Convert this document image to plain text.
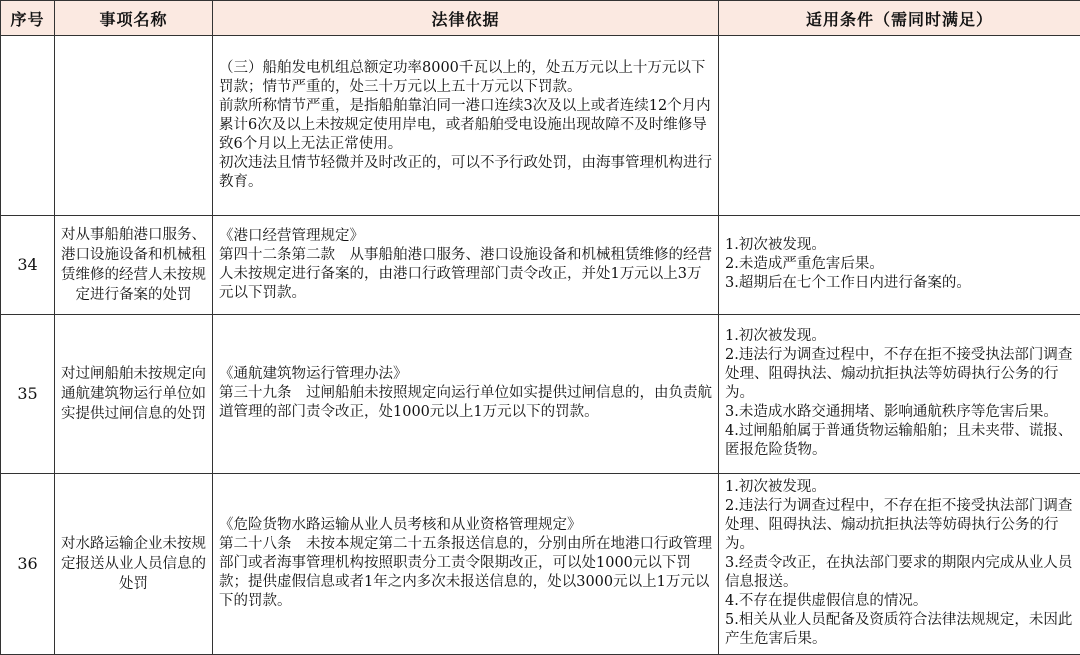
序号	事项名称	法律依据	适用条件（需同时满足）

		（三）船舶发电机组总额定功率8000千瓦以上的，处五万元以上十万元以下罚款；情节严重的，处三十万元以上五十万元以下罚款。
前款所称情节严重，是指船舶靠泊同一港口连续3次及以上或者连续12个月内累计6次及以上未按规定使用岸电，或者船舶受电设施出现故障不及时维修导致6个月以上无法正常使用。
初次违法且情节轻微并及时改正的，可以不予行政处罚，由海事管理机构进行教育。	

34	对从事船舶港口服务、港口设施设备和机械租赁维修的经营人未按规定进行备案的处罚	《港口经营管理规定》
第四十二条第二款　从事船舶港口服务、港口设施设备和机械租赁维修的经营人未按规定进行备案的，由港口行政管理部门责令改正，并处1万元以上3万元以下罚款。	1.初次被发现。
2.未造成严重危害后果。
3.超期后在七个工作日内进行备案的。

35	对过闸船舶未按规定向通航建筑物运行单位如实提供过闸信息的处罚	《通航建筑物运行管理办法》
第三十九条　过闸船舶未按照规定向运行单位如实提供过闸信息的，由负责航道管理的部门责令改正，处1000元以上1万元以下的罚款。	1.初次被发现。
2.违法行为调查过程中，不存在拒不接受执法部门调查处理、阻碍执法、煽动抗拒执法等妨碍执行公务的行为。
3.未造成水路交通拥堵、影响通航秩序等危害后果。
4.过闸船舶属于普通货物运输船舶；且未夹带、谎报、匿报危险货物。

36	对水路运输企业未按规定报送从业人员信息的处罚	《危险货物水路运输从业人员考核和从业资格管理规定》
第二十八条　未按本规定第二十五条报送信息的，分别由所在地港口行政管理部门或者海事管理机构按照职责分工责令限期改正，可以处1000元以下罚款；提供虚假信息或者1年之内多次未报送信息的，处以3000元以上1万元以下的罚款。	1.初次被发现。
2.违法行为调查过程中，不存在拒不接受执法部门调查处理、阻碍执法、煽动抗拒执法等妨碍执行公务的行为。
3.经责令改正，在执法部门要求的期限内完成从业人员信息报送。
4.不存在提供虚假信息的情况。
5.相关从业人员配备及资质符合法律法规规定，未因此产生危害后果。
